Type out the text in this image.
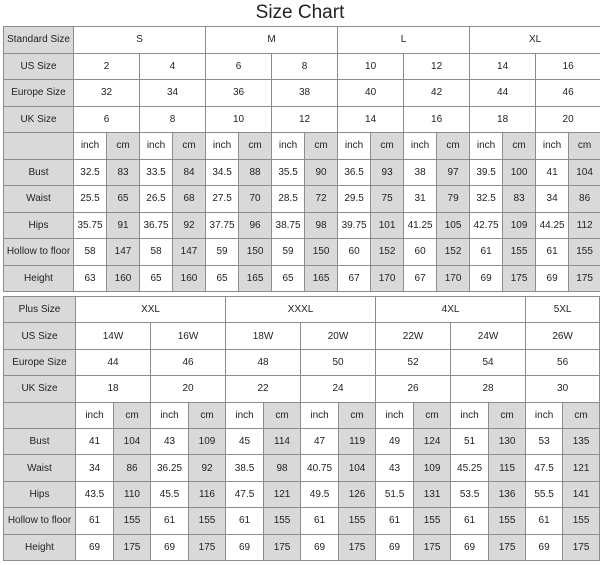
Size Chart
Standard Size	S				M				L				XL			
US Size	2		4		6		8		10		12		14		16	
Europe Size	32		34		36		38		40		42		44		46	
UK Size	6		8		10		12		14		16		18		20	
	inch	cm	inch	cm	inch	cm	inch	cm	inch	cm	inch	cm	inch	cm	inch	cm
Bust	32.5	83	33.5	84	34.5	88	35.5	90	36.5	93	38	97	39.5	100	41	104
Waist	25.5	65	26.5	68	27.5	70	28.5	72	29.5	75	31	79	32.5	83	34	86
Hips	35.75	91	36.75	92	37.75	96	38.75	98	39.75	101	41.25	105	42.75	109	44.25	112
Hollow to floor	58	147	58	147	59	150	59	150	60	152	60	152	61	155	61	155
Height	63	160	65	160	65	165	65	165	67	170	67	170	69	175	69	175
Plus Size	XXL				XXXL				4XL				5XL	
US Size	14W		16W		18W		20W		22W		24W		26W	
Europe Size	44		46		48		50		52		54		56	
UK Size	18		20		22		24		26		28		30	
	inch	cm	inch	cm	inch	cm	inch	cm	inch	cm	inch	cm	inch	cm
Bust	41	104	43	109	45	114	47	119	49	124	51	130	53	135
Waist	34	86	36.25	92	38.5	98	40.75	104	43	109	45.25	115	47.5	121
Hips	43.5	110	45.5	116	47.5	121	49.5	126	51.5	131	53.5	136	55.5	141
Hollow to floor	61	155	61	155	61	155	61	155	61	155	61	155	61	155
Height	69	175	69	175	69	175	69	175	69	175	69	175	69	175
